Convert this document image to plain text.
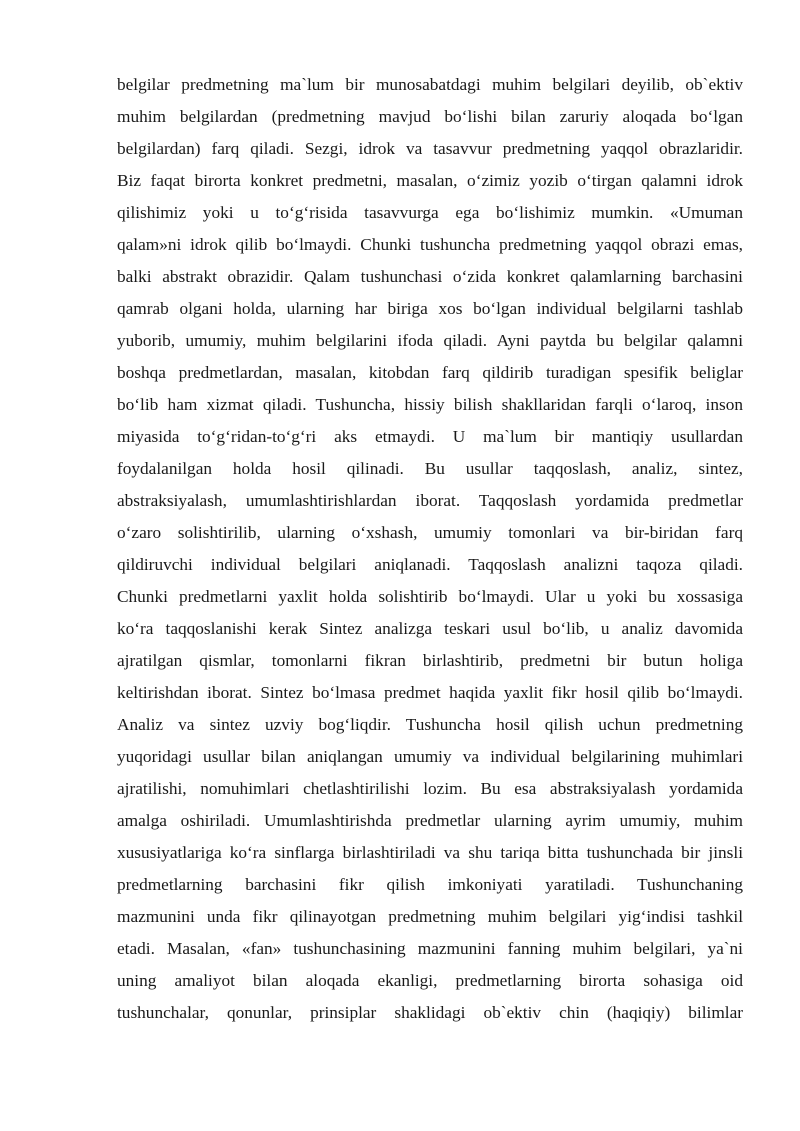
belgilar predmetning ma`lum bir munosabatdagi muhim belgilari deyilib, ob`ektiv
muhim belgilardan (predmetning mavjud bo‘lishi bilan zaruriy aloqada bo‘lgan
belgilardan) farq qiladi. Sezgi, idrok va tasavvur predmetning yaqqol obrazlaridir.
Biz faqat birorta konkret predmetni, masalan, o‘zimiz yozib o‘tirgan qalamni idrok
qilishimiz yoki u to‘g‘risida tasavvurga ega bo‘lishimiz mumkin. «Umuman
qalam»ni idrok qilib bo‘lmaydi. Chunki tushuncha predmetning yaqqol obrazi emas,
balki abstrakt obrazidir. Qalam tushunchasi o‘zida konkret qalamlarning barchasini
qamrab olgani holda, ularning har biriga xos bo‘lgan individual belgilarni tashlab
yuborib, umumiy, muhim belgilarini ifoda qiladi. Ayni paytda bu belgilar qalamni
boshqa predmetlardan, masalan, kitobdan farq qildirib turadigan spesifik beliglar
bo‘lib ham xizmat qiladi. Tushuncha, hissiy bilish shakllaridan farqli o‘laroq, inson
miyasida to‘g‘ridan-to‘g‘ri aks etmaydi. U ma`lum bir mantiqiy usullardan
foydalanilgan holda hosil qilinadi. Bu usullar taqqoslash, analiz, sintez,
abstraksiyalash, umumlashtirishlardan iborat. Taqqoslash yordamida predmetlar
o‘zaro solishtirilib, ularning o‘xshash, umumiy tomonlari va bir-biridan farq
qildiruvchi individual belgilari aniqlanadi. Taqqoslash analizni taqoza qiladi.
Chunki predmetlarni yaxlit holda solishtirib bo‘lmaydi. Ular u yoki bu xossasiga
ko‘ra taqqoslanishi kerak Sintez analizga teskari usul bo‘lib, u analiz davomida
ajratilgan qismlar, tomonlarni fikran birlashtirib, predmetni bir butun holiga
keltirishdan iborat. Sintez bo‘lmasa predmet haqida yaxlit fikr hosil qilib bo‘lmaydi.
Analiz va sintez uzviy bog‘liqdir. Tushuncha hosil qilish uchun predmetning
yuqoridagi usullar bilan aniqlangan umumiy va individual belgilarining muhimlari
ajratilishi, nomuhimlari chetlashtirilishi lozim. Bu esa abstraksiyalash yordamida
amalga oshiriladi. Umumlashtirishda predmetlar ularning ayrim umumiy, muhim
xususiyatlariga ko‘ra sinflarga birlashtiriladi va shu tariqa bitta tushunchada bir jinsli
predmetlarning barchasini fikr qilish imkoniyati yaratiladi. Tushunchaning
mazmunini unda fikr qilinayotgan predmetning muhim belgilari yig‘indisi tashkil
etadi. Masalan, «fan» tushunchasining mazmunini fanning muhim belgilari, ya`ni
uning amaliyot bilan aloqada ekanligi, predmetlarning birorta sohasiga oid
tushunchalar, qonunlar, prinsiplar shaklidagi ob`ektiv chin (haqiqiy) bilimlar
